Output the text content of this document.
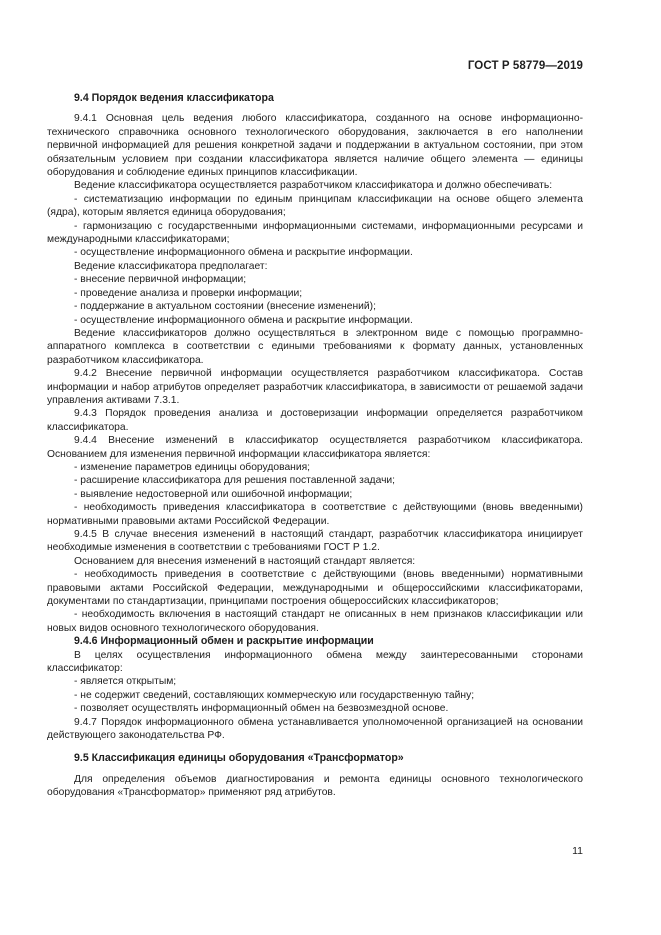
ГОСТ Р 58779—2019
9.4 Порядок ведения классификатора

9.4.1 Основная цель ведения любого классификатора, созданного на основе информационно-технического справочника основного технологического оборудования, заключается в его наполнении первичной информацией для решения конкретной задачи и поддержании в актуальном состоянии, при этом обязательным условием при создании классификатора является наличие общего элемента — единицы оборудования и соблюдение единых принципов классификации.

Ведение классификатора осуществляется разработчиком классификатора и должно обеспечивать:

- систематизацию информации по единым принципам классификации на основе общего элемента (ядра), которым является единица оборудования;

- гармонизацию с государственными информационными системами, информационными ресурсами и международными классификаторами;

- осуществление информационного обмена и раскрытие информации.

Ведение классификатора предполагает:

- внесение первичной информации;

- проведение анализа и проверки информации;

- поддержание в актуальном состоянии (внесение изменений);

- осуществление информационного обмена и раскрытие информации.

Ведение классификаторов должно осуществляться в электронном виде с помощью программно-аппаратного комплекса в соответствии с едиными требованиями к формату данных, установленных разработчиком классификатора.

9.4.2 Внесение первичной информации осуществляется разработчиком классификатора. Состав информации и набор атрибутов определяет разработчик классификатора, в зависимости от решаемой задачи управления активами 7.3.1.

9.4.3 Порядок проведения анализа и достоверизации информации определяется разработчиком классификатора.

9.4.4 Внесение изменений в классификатор осуществляется разработчиком классификатора. Основанием для изменения первичной информации классификатора является:

- изменение параметров единицы оборудования;

- расширение классификатора для решения поставленной задачи;

- выявление недостоверной или ошибочной информации;

- необходимость приведения классификатора в соответствие с действующими (вновь введенными) нормативными правовыми актами Российской Федерации.

9.4.5 В случае внесения изменений в настоящий стандарт, разработчик классификатора инициирует необходимые изменения в соответствии с требованиями ГОСТ Р 1.2.

Основанием для внесения изменений в настоящий стандарт является:

- необходимость приведения в соответствие с действующими (вновь введенными) нормативными правовыми актами Российской Федерации, международными и общероссийскими классификаторами, документами по стандартизации, принципами построения общероссийских классификаторов;

- необходимость включения в настоящий стандарт не описанных в нем признаков классификации или новых видов основного технологического оборудования.

9.4.6 Информационный обмен и раскрытие информации

В целях осуществления информационного обмена между заинтересованными сторонами классификатор:

- является открытым;

- не содержит сведений, составляющих коммерческую или государственную тайну;

- позволяет осуществлять информационный обмен на безвозмездной основе.

9.4.7 Порядок информационного обмена устанавливается уполномоченной организацией на основании действующего законодательства РФ.

9.5 Классификация единицы оборудования «Трансформатор»

Для определения объемов диагностирования и ремонта единицы основного технологического оборудования «Трансформатор» применяют ряд атрибутов.

11
